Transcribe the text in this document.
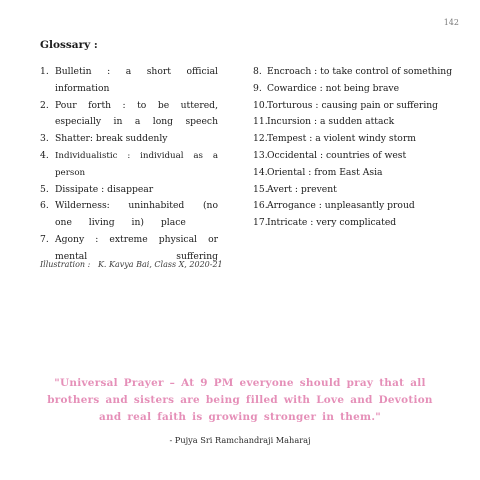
142
Glossary :
1. Bulletin : a short official information
2. Pour forth : to be uttered, especially in a long speech
3. Shatter: break suddenly
4. Individualistic : individual as a person
5. Dissipate : disappear
6. Wilderness: uninhabited (no one living in) place
7. Agony : extreme physical or mental suffering
8. Encroach : to take control of something
9. Cowardice : not being brave
10. Torturous : causing pain or suffering
11. Incursion : a sudden attack
12. Tempest : a violent windy storm
13. Occidental : countries of west
14. Oriental : from East Asia
15. Avert : prevent
16. Arrogance : unpleasantly proud
17. Intricate : very complicated
Illustration :   K. Kavya Bai, Class X, 2020-21
"Universal Prayer – At 9 PM everyone should pray that all brothers and sisters are being filled with Love and Devotion and real faith is growing stronger in them."
- Pujya Sri Ramchandraji Maharaj
